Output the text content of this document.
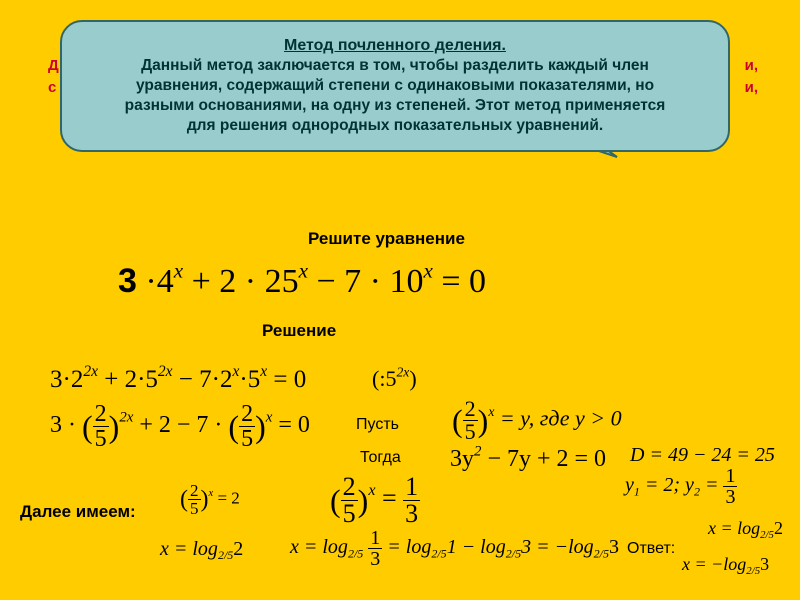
Д	и,
с	и,
Метод почленного деления.
Данный метод заключается в том, чтобы разделить каждый член
уравнения, содержащий степени с одинаковыми показателями, но
разными основаниями, на одну из степеней. Этот метод применяется
для решения однородных показательных уравнений.
Решите уравнение
$3 \cdot 4^x + 2 \cdot 25^x - 7 \cdot 10^x = 0$
Решение
$3\cdot 2^{2x} + 2\cdot 5^{2x} - 7\cdot 2^x\cdot 5^x = 0$	$(:5^{2x})$
3 · ( $\frac{2}{5} )^{2x} + 2 - 7$ · ( $\frac{2}{5} )^x = 0$	Пусть ( $\frac{2}{5} )^x = y$, где y > 0
Тогда $3y^2 - 7y + 2 = 0$ D = 49 − 24 = 25
$y_1 = 2$; $y_2 = \frac{1}{3}$
Далее имеем: ( $\frac{2}{5} )^x = 2$	( $\frac{2}{5} )^x = \frac{1}{3}$
$x = \log_{2/5}2$ $x = \log_{2/5} \frac{1}{3} = \log_{2/5}1 - \log_{2/5}3 = -\log_{2/5}3$ Ответ:
$x = \log_{2/5}2$
$x = -\log_{2/5}3$
